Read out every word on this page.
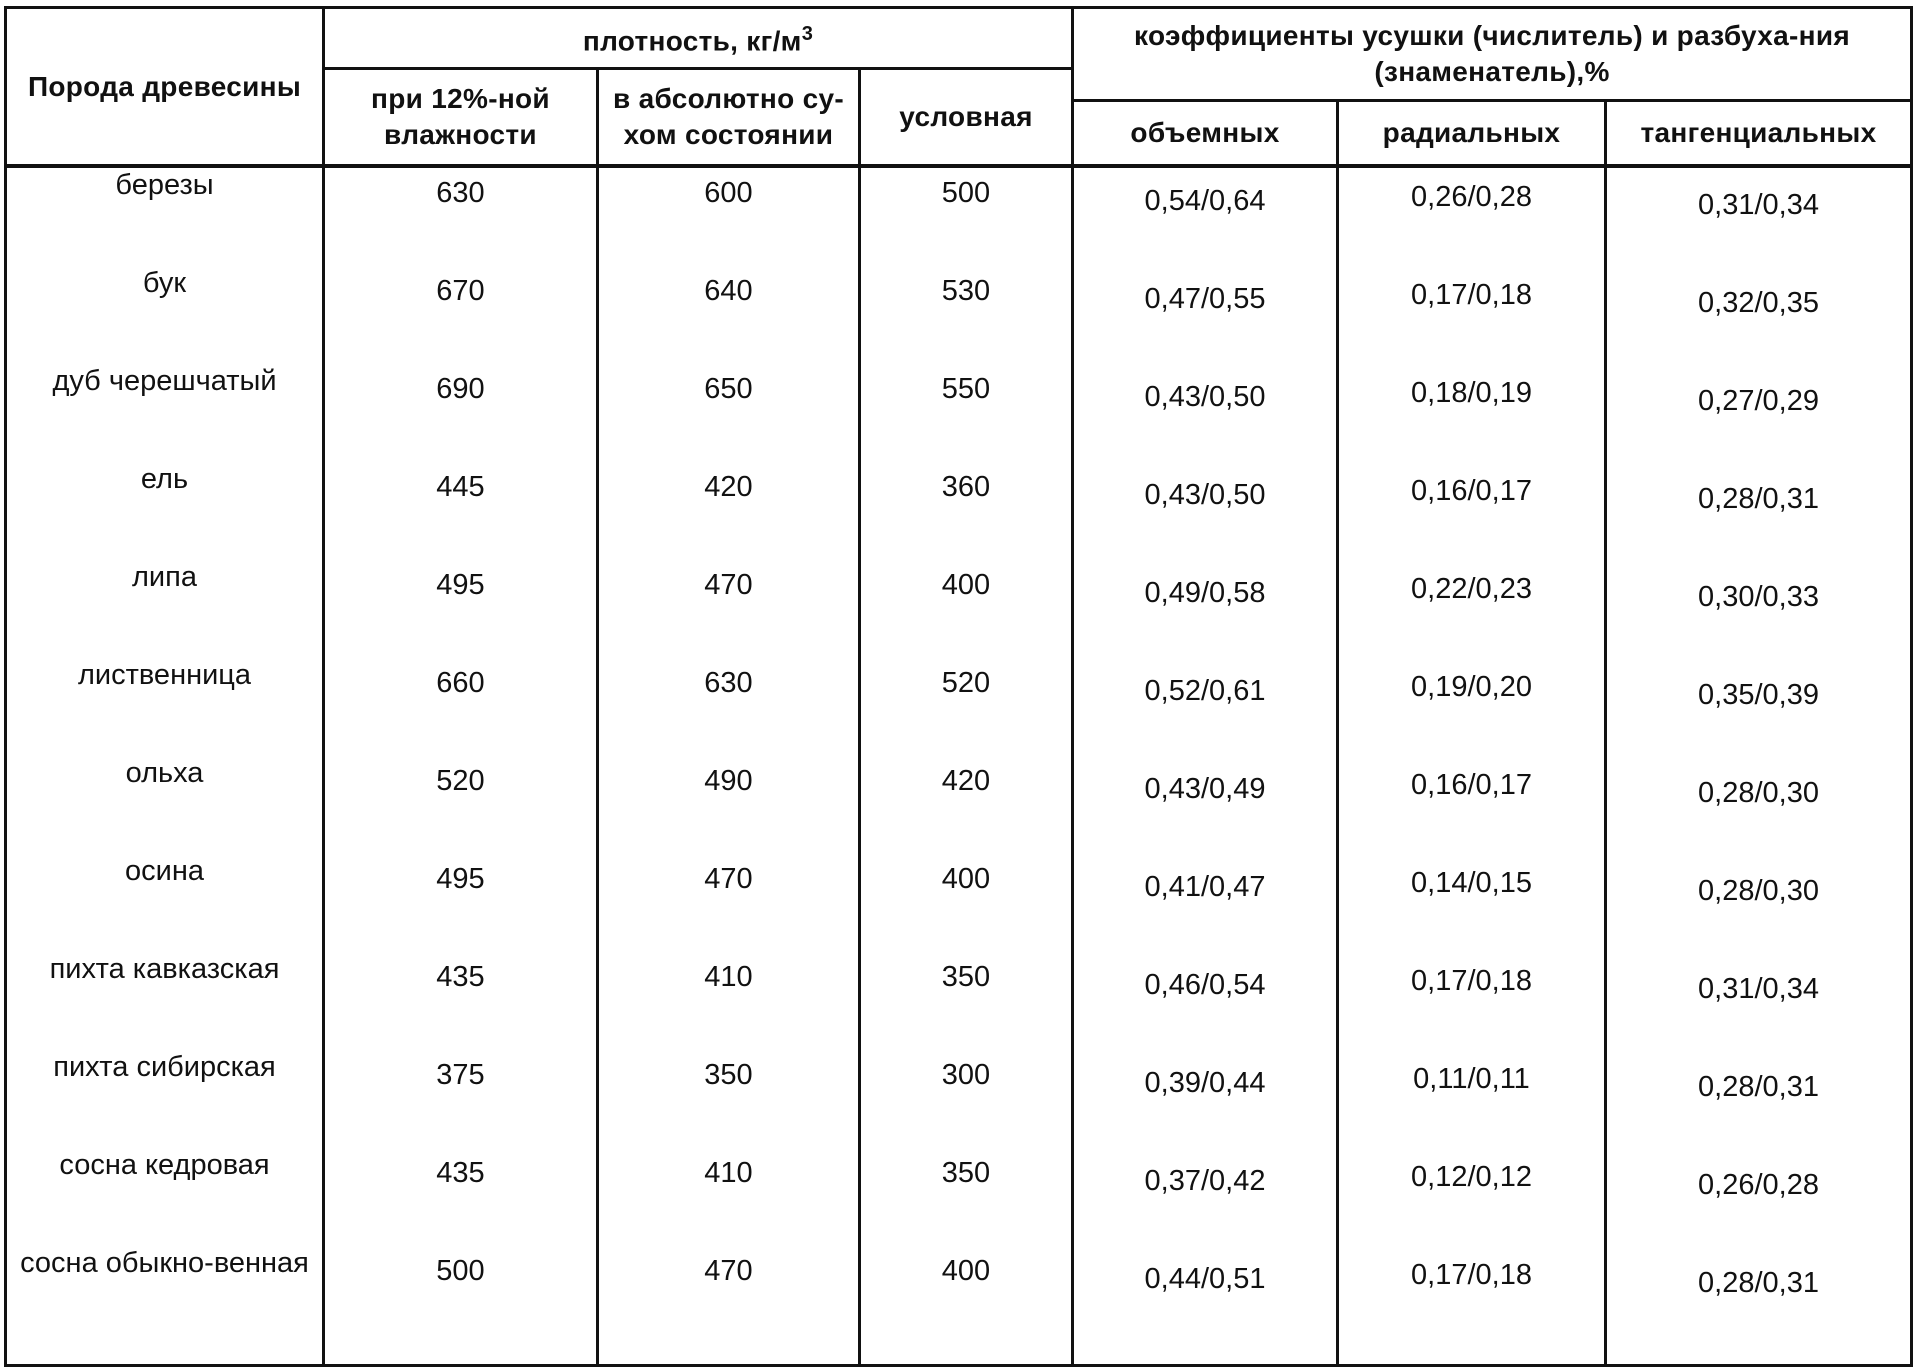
Порода древесины	плотность, $кг/м^3$			коэффициенты усушки (числитель) и разбуха-ния (знаменатель),%		
	при 12%-ной влажности	в абсолютно су-хом состоянии	условная			
				объемных	радиальных	тангенциальных
березы	630	600	500	0,54/0,64	0,26/0,28	0,31/0,34
бук	670	640	530	0,47/0,55	0,17/0,18	0,32/0,35
дуб черешчатый	690	650	550	0,43/0,50	0,18/0,19	0,27/0,29
ель	445	420	360	0,43/0,50	0,16/0,17	0,28/0,31
липа	495	470	400	0,49/0,58	0,22/0,23	0,30/0,33
лиственница	660	630	520	0,52/0,61	0,19/0,20	0,35/0,39
ольха	520	490	420	0,43/0,49	0,16/0,17	0,28/0,30
осина	495	470	400	0,41/0,47	0,14/0,15	0,28/0,30
пихта кавказская	435	410	350	0,46/0,54	0,17/0,18	0,31/0,34
пихта сибирская	375	350	300	0,39/0,44	0,11/0,11	0,28/0,31
сосна кедровая	435	410	350	0,37/0,42	0,12/0,12	0,26/0,28
сосна обыкно-венная	500	470	400	0,44/0,51	0,17/0,18	0,28/0,31
